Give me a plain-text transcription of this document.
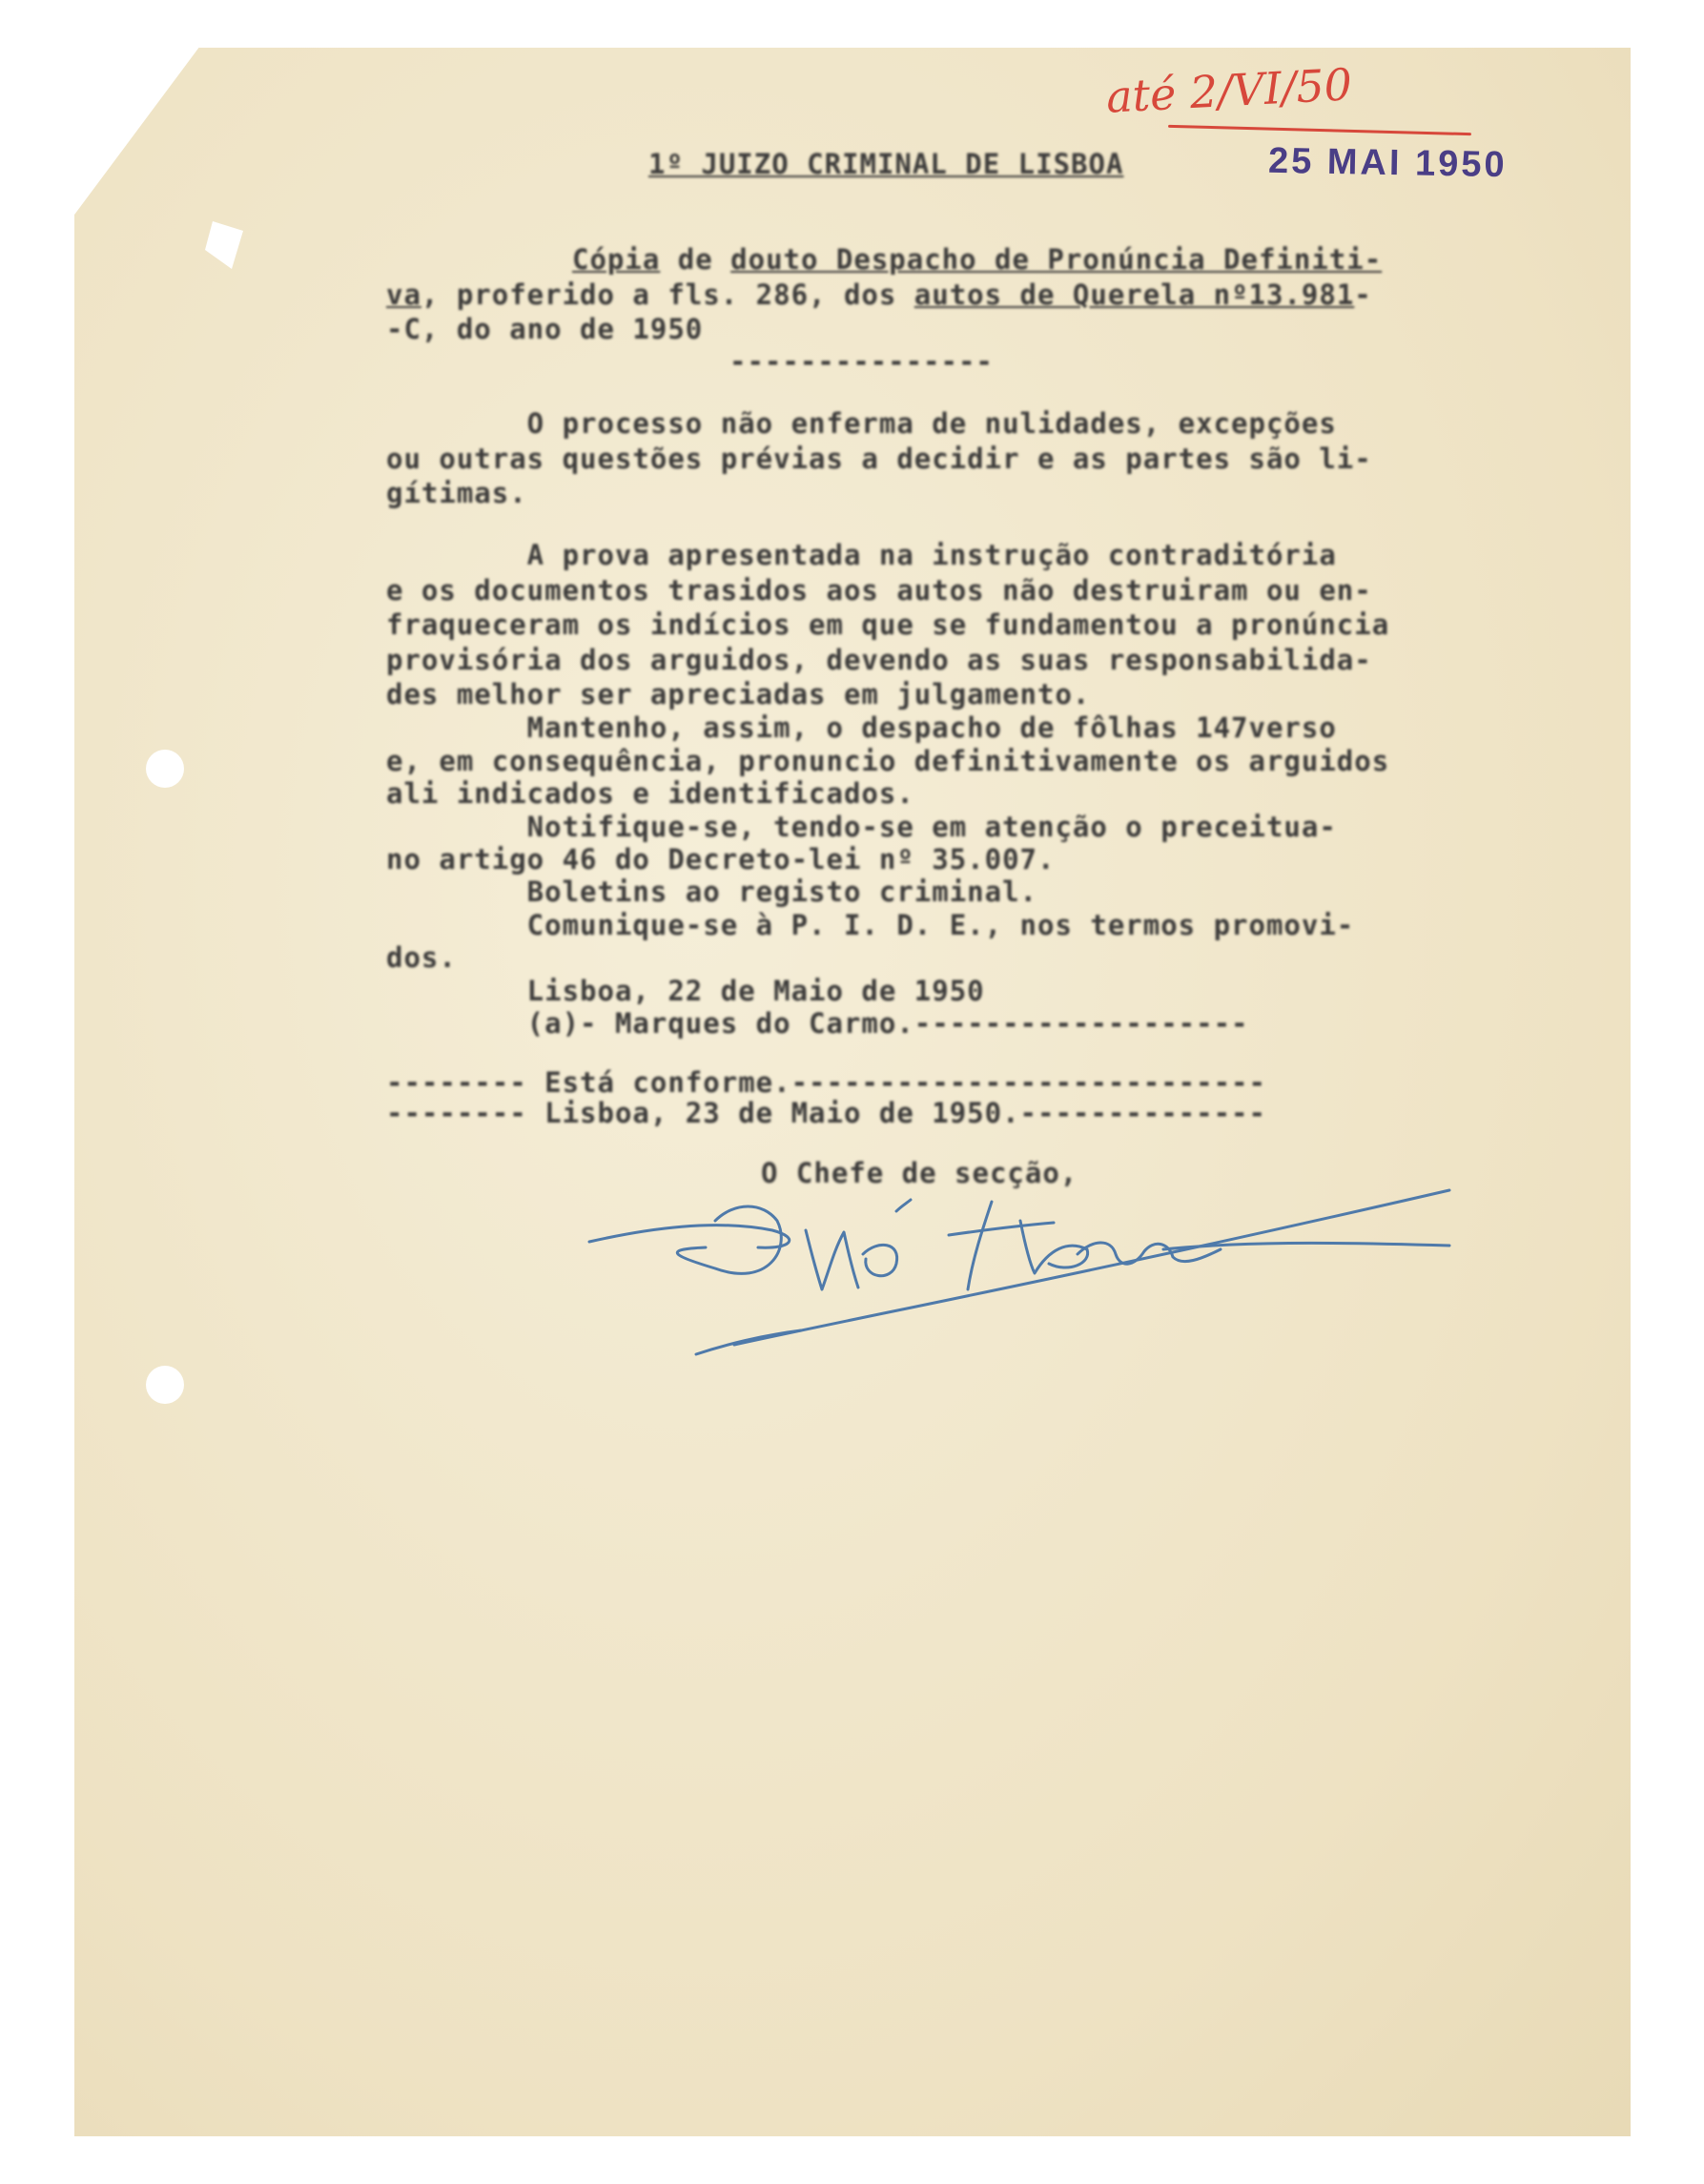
até 2/VI/50
1º JUIZO CRIMINAL DE LISBOA	25 MAI 1950
Cópia de douto Despacho de Pronúncia Definiti-
va, proferido a fls. 286, dos autos de Querela nº13.981-
-C, do ano de 1950
---------------
O processo não enferma de nulidades, excepções
ou outras questões prévias a decidir e as partes são li-
gítimas.
A prova apresentada na instrução contraditória
e os documentos trasidos aos autos não destruiram ou en-
fraqueceram os indícios em que se fundamentou a pronúncia
provisória dos arguidos, devendo as suas responsabilida-
des melhor ser apreciadas em julgamento.
Mantenho, assim, o despacho de fôlhas 147verso
e, em consequência, pronuncio definitivamente os arguidos
ali indicados e identificados.
Notifique-se, tendo-se em atenção o preceitua-
no artigo 46 do Decreto-lei nº 35.007.
Boletins ao registo criminal.
Comunique-se à P. I. D. E., nos termos promovi-
dos.
Lisboa, 22 de Maio de 1950
(a)- Marques do Carmo.-------------------
-------- Está conforme.---------------------------
-------- Lisboa, 23 de Maio de 1950.--------------
O Chefe de secção,
